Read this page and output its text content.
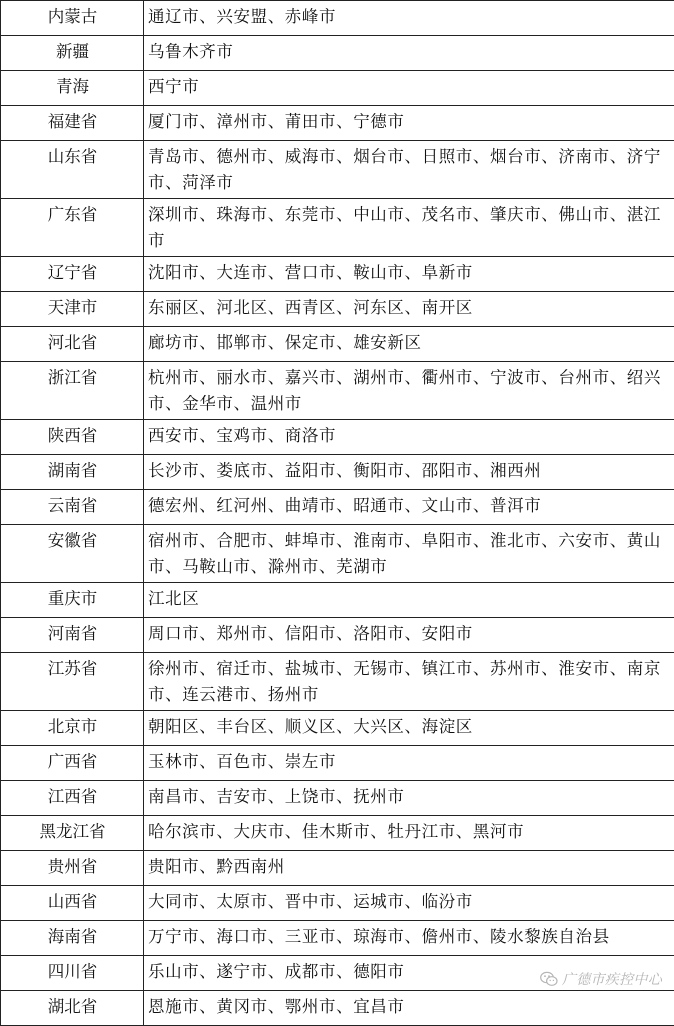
内蒙古	通辽市、兴安盟、赤峰市
新疆	乌鲁木齐市
青海	西宁市
福建省	厦门市、漳州市、莆田市、宁德市
山东省	青岛市、德州市、威海市、烟台市、日照市、烟台市、济南市、济宁市、菏泽市
广东省	深圳市、珠海市、东莞市、中山市、茂名市、肇庆市、佛山市、湛江市
辽宁省	沈阳市、大连市、营口市、鞍山市、阜新市
天津市	东丽区、河北区、西青区、河东区、南开区
河北省	廊坊市、邯郸市、保定市、雄安新区
浙江省	杭州市、丽水市、嘉兴市、湖州市、衢州市、宁波市、台州市、绍兴市、金华市、温州市
陕西省	西安市、宝鸡市、商洛市
湖南省	长沙市、娄底市、益阳市、衡阳市、邵阳市、湘西州
云南省	德宏州、红河州、曲靖市、昭通市、文山市、普洱市
安徽省	宿州市、合肥市、蚌埠市、淮南市、阜阳市、淮北市、六安市、黄山市、马鞍山市、滁州市、芜湖市
重庆市	江北区
河南省	周口市、郑州市、信阳市、洛阳市、安阳市
江苏省	徐州市、宿迁市、盐城市、无锡市、镇江市、苏州市、淮安市、南京市、连云港市、扬州市
北京市	朝阳区、丰台区、顺义区、大兴区、海淀区
广西省	玉林市、百色市、崇左市
江西省	南昌市、吉安市、上饶市、抚州市
黑龙江省	哈尔滨市、大庆市、佳木斯市、牡丹江市、黑河市
贵州省	贵阳市、黔西南州
山西省	大同市、太原市、晋中市、运城市、临汾市
海南省	万宁市、海口市、三亚市、琼海市、儋州市、陵水黎族自治县
四川省	乐山市、遂宁市、成都市、德阳市
湖北省	恩施市、黄冈市、鄂州市、宜昌市
广德市疾控中心
